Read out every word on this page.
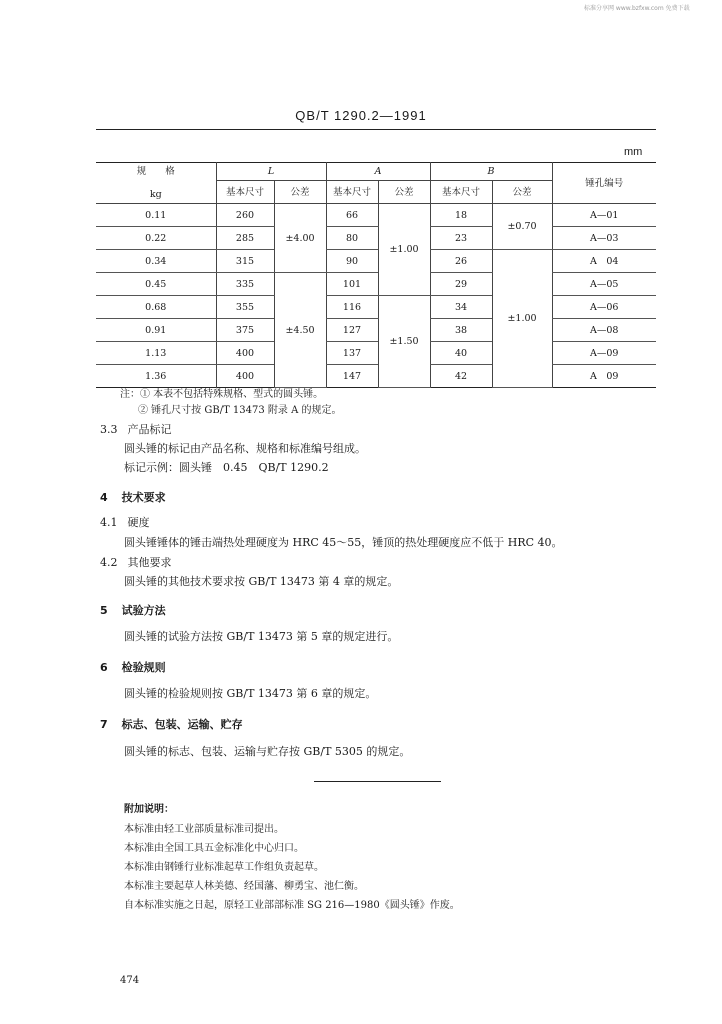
标准分享网 www.bzfxw.com 免费下载
QB/T 1290.2—1991
mm
规　　格
kg	L		A		B		锤孔编号
	基本尺寸	公差	基本尺寸	公差	基本尺寸	公差	
0.11	260	±4.00	66	±1.00	18	±0.70	A—01
0.22	285		80		23		A—03
0.34	315		90		26	±1.00	A　04
0.45	335	±4.50	101		29		A—05
0.68	355		116	±1.50	34		A—06
0.91	375		127		38		A—08
1.13	400		137		40		A—09
1.36	400		147		42		A　09
注：① 本表不包括特殊规格、型式的圆头锤。
② 锤孔尺寸按 GB/T 13473 附录 A 的规定。
3.3 产品标记
圆头锤的标记由产品名称、规格和标准编号组成。
标记示例：圆头锤　0.45　QB/T 1290.2
4 技术要求
4.1 硬度
圆头锤锤体的锤击端热处理硬度为 HRC 45～55，锤顶的热处理硬度应不低于 HRC 40。
4.2 其他要求
圆头锤的其他技术要求按 GB/T 13473 第 4 章的规定。
5 试验方法
圆头锤的试验方法按 GB/T 13473 第 5 章的规定进行。
6 检验规则
圆头锤的检验规则按 GB/T 13473 第 6 章的规定。
7 标志、包装、运输、贮存
圆头锤的标志、包装、运输与贮存按 GB/T 5305 的规定。
附加说明：
本标准由轻工业部质量标准司提出。
本标准由全国工具五金标准化中心归口。
本标准由钢锤行业标准起草工作组负责起草。
本标准主要起草人林美德、经国藩、柳勇宝、池仁衡。
自本标准实施之日起，原轻工业部部标准 SG 216—1980《圆头锤》作废。
474
